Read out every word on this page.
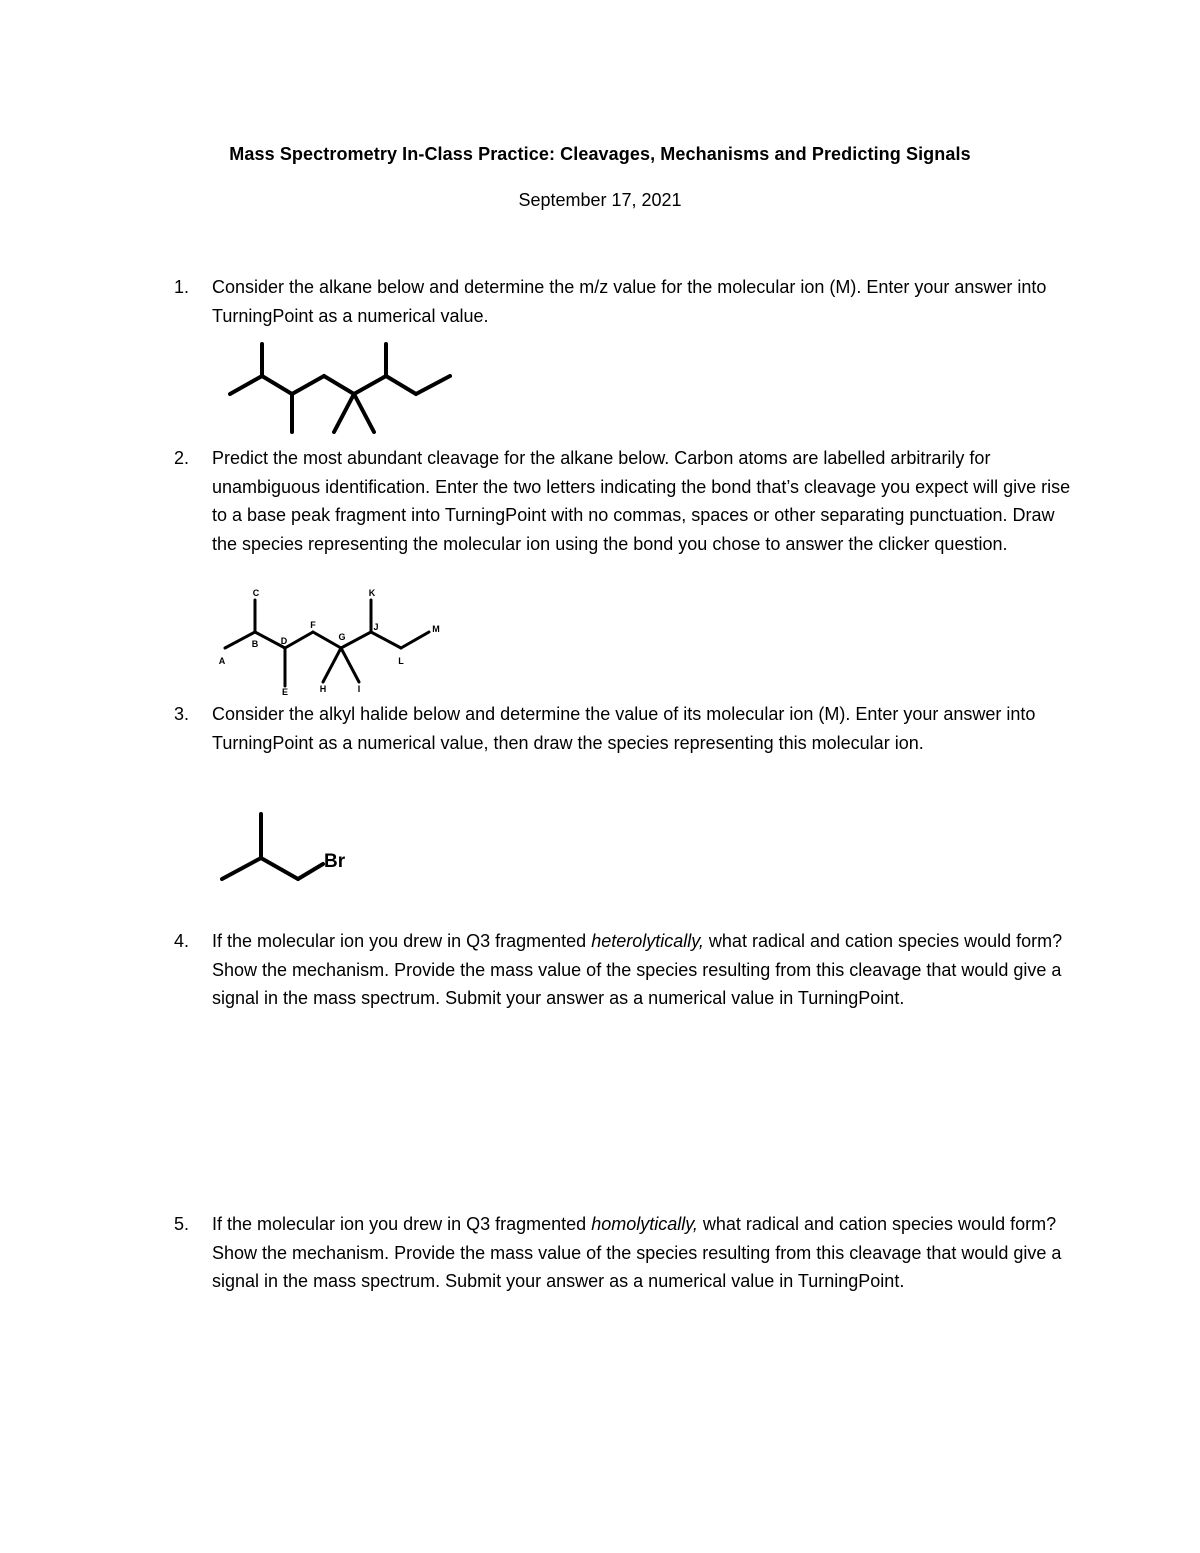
Mass Spectrometry In-Class Practice: Cleavages, Mechanisms and Predicting Signals
September 17, 2021
1.	Consider the alkane below and determine the m/z value for the molecular ion (M). Enter your answer into TurningPoint as a numerical value.
2.	Predict the most abundant cleavage for the alkane below. Carbon atoms are labelled arbitrarily for unambiguous identification. Enter the two letters indicating the bond that’s cleavage you expect will give rise to a base peak fragment into TurningPoint with no commas, spaces or other separating punctuation. Draw the species representing the molecular ion using the bond you chose to answer the clicker question.
A
B
C
D
E
F
G
H	I
J
K
L
M
3.	Consider the alkyl halide below and determine the value of its molecular ion (M). Enter your answer into TurningPoint as a numerical value, then draw the species representing this molecular ion.
Br
4.	If the molecular ion you drew in Q3 fragmented heterolytically, what radical and cation species would form? Show the mechanism. Provide the mass value of the species resulting from this cleavage that would give a signal in the mass spectrum. Submit your answer as a numerical value in TurningPoint.
5.	If the molecular ion you drew in Q3 fragmented homolytically, what radical and cation species would form? Show the mechanism. Provide the mass value of the species resulting from this cleavage that would give a signal in the mass spectrum. Submit your answer as a numerical value in TurningPoint.
